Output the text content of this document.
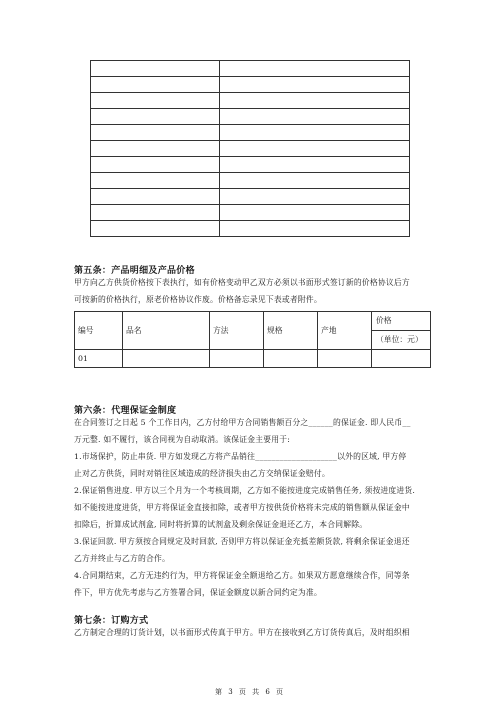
第五条：产品明细及产品价格
甲方向乙方供货价格按下表执行，如有价格变动甲乙双方必须以书面形式签订新的价格协议后方
可按新的价格执行，原老价格协议作废。价格备忘录见下表或者附件。
编号	品名	方法	规格	产地	价格
（单位：元）

01					
第六条：代理保证金制度
在合同签订之日起 5 个工作日内，乙方付给甲方合同销售额百分之______的保证金. 即人民币__
万元整. 如不履行，该合同视为自动取消。该保证金主要用于:
1.市场保护，防止串货. 甲方如发现乙方将产品销往____________________以外的区域, 甲方停
止对乙方供货，同时对销往区域造成的经济损失由乙方交纳保证金赔付。
2.保证销售进度. 甲方以三个月为一个考核周期，乙方如不能按进度完成销售任务, 须按进度进货.
如不能按进度进货，甲方将保证金直接扣除，或者甲方按供货价格将未完成的销售额从保证金中
扣除后，折算成试剂盒, 同时将折算的试剂盒及剩余保证金退还乙方，本合同解除。
3.保证回款. 甲方须按合同规定及时回款, 否则甲方将以保证金充抵差额货款, 将剩余保证金退还
乙方并终止与乙方的合作。
4.合同期结束，乙方无违约行为，甲方将保证金全额退给乙方。如果双方愿意继续合作，同等条
件下，甲方优先考虑与乙方签署合同，保证金额度以新合同约定为准。
第七条：订购方式
乙方制定合理的订货计划，以书面形式传真于甲方。甲方在接收到乙方订货传真后，及时组织相
第 3 页 共 6 页
